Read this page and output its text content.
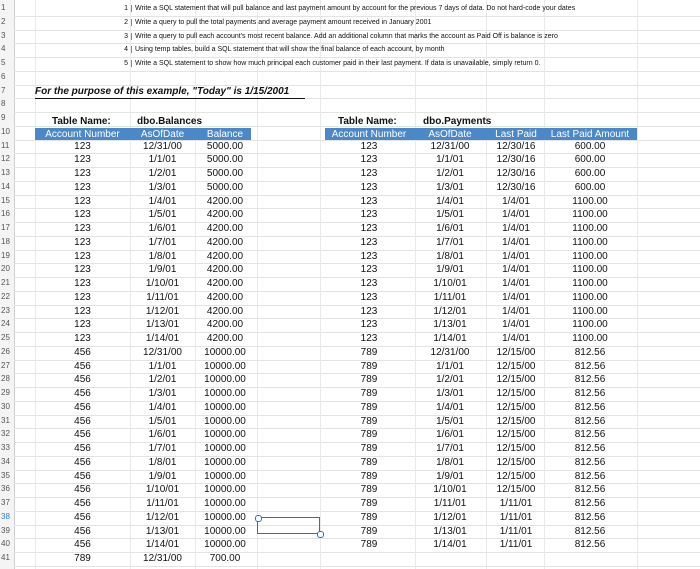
1
2
3
4
5
6
7
8
9
10
11
12
13
14
15
16
17
18
19
20
21
22
23
24
25
26
27
28
29
30
31
32
33
34
35
36
37
38
39
40
41
1 Write a SQL statement that will pull balance and last payment amount by account for the previous 7 days of data. Do not hard-code your dates
2 Write a query to pull the total payments and average payment amount received in January 2001
3 Write a query to pull each account's most recent balance. Add an additional column that marks the account as Paid Off is balance is zero
4 Using temp tables, build a SQL statement that will show the final balance of each account, by month
5 Write a SQL statement to show how much principal each customer paid in their last payment. If data is unavailable, simply return 0.
For the purpose of this example, "Today" is 1/15/2001
Table Name:	dbo.Balances
Account Number	AsOfDate	Balance
123	12/31/00	5000.00
123	1/1/01	5000.00
123	1/2/01	5000.00
123	1/3/01	5000.00
123	1/4/01	4200.00
123	1/5/01	4200.00
123	1/6/01	4200.00
123	1/7/01	4200.00
123	1/8/01	4200.00
123	1/9/01	4200.00
123	1/10/01	4200.00
123	1/11/01	4200.00
123	1/12/01	4200.00
123	1/13/01	4200.00
123	1/14/01	4200.00
456	12/31/00	10000.00
456	1/1/01	10000.00
456	1/2/01	10000.00
456	1/3/01	10000.00
456	1/4/01	10000.00
456	1/5/01	10000.00
456	1/6/01	10000.00
456	1/7/01	10000.00
456	1/8/01	10000.00
456	1/9/01	10000.00
456	1/10/01	10000.00
456	1/11/01	10000.00
456	1/12/01	10000.00
456	1/13/01	10000.00
456	1/14/01	10000.00
789	12/31/00	700.00
Table Name:	dbo.Payments
Account Number	AsOfDate	Last Paid	Last Paid Amount
123	12/31/00	12/30/16	600.00
123	1/1/01	12/30/16	600.00
123	1/2/01	12/30/16	600.00
123	1/3/01	12/30/16	600.00
123	1/4/01	1/4/01	1100.00
123	1/5/01	1/4/01	1100.00
123	1/6/01	1/4/01	1100.00
123	1/7/01	1/4/01	1100.00
123	1/8/01	1/4/01	1100.00
123	1/9/01	1/4/01	1100.00
123	1/10/01	1/4/01	1100.00
123	1/11/01	1/4/01	1100.00
123	1/12/01	1/4/01	1100.00
123	1/13/01	1/4/01	1100.00
123	1/14/01	1/4/01	1100.00
789	12/31/00	12/15/00	812.56
789	1/1/01	12/15/00	812.56
789	1/2/01	12/15/00	812.56
789	1/3/01	12/15/00	812.56
789	1/4/01	12/15/00	812.56
789	1/5/01	12/15/00	812.56
789	1/6/01	12/15/00	812.56
789	1/7/01	12/15/00	812.56
789	1/8/01	12/15/00	812.56
789	1/9/01	12/15/00	812.56
789	1/10/01	12/15/00	812.56
789	1/11/01	1/11/01	812.56
789	1/12/01	1/11/01	812.56
789	1/13/01	1/11/01	812.56
789	1/14/01	1/11/01	812.56
